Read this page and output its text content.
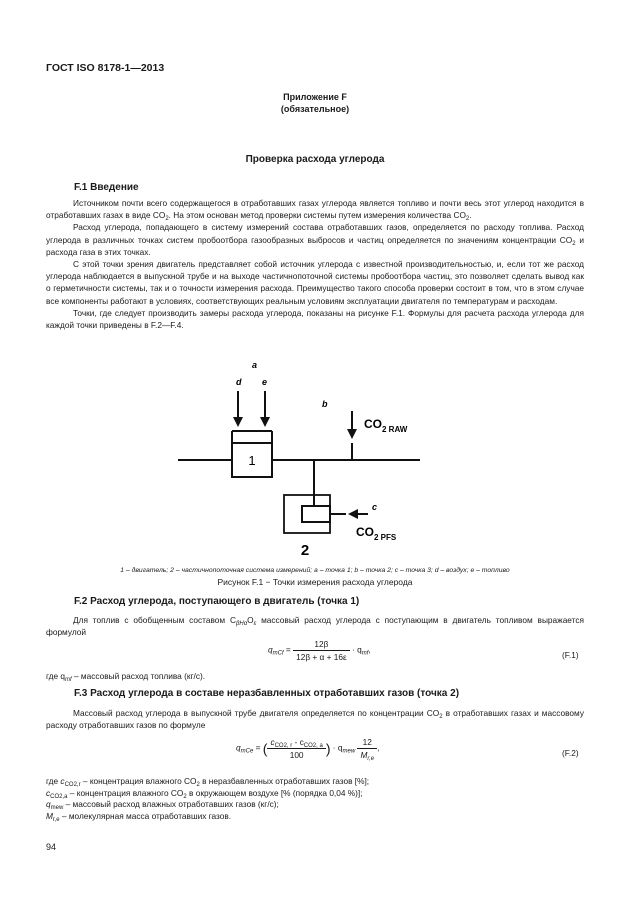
ГОСТ ISO 8178-1—2013
Приложение F
(обязательное)
Проверка расхода углерода
F.1 Введение

Источником почти всего содержащегося в отработавших газах углерода является топливо и почти весь этот углерод находится в отработавших газах в виде $CO_2$. На этом основан метод проверки системы путем измерения количества $CO_2$.

Расход углерода, попадающего в систему измерений состава отработавших газов, определяется по расходу топлива. Расход углерода в различных точках систем пробоотбора газообразных выбросов и частиц определяется по значениям концентрации $CO_2$ и расхода газа в этих точках.

С этой точки зрения двигатель представляет собой источник углерода с известной производительностью, и, если тот же расход углерода наблюдается в выпускной трубе и на выходе частичнопоточной системы пробоотбора частиц, это позволяет сделать вывод как о герметичности системы, так и о точности измерения расхода. Преимущество такого способа проверки состоит в том, что в этом случае все компоненты работают в условиях, соответствующих реальным условиям эксплуатации двигателя по температурам и расходам.

Точки, где следует производить замеры расхода углерода, показаны на рисунке F.1. Формулы для расчета расхода углерода для каждой точки приведены в F.2—F.4.

a
d e
1
b
$CO_{2 RAW}$
c
$CO_{2 PFS}$
2
1 – двигатель; 2 – частичнопоточная система измерений; a – точка 1; b – точка 2; c – точка 3; d – воздух; e – топливо
Рисунок F.1 − Точки измерения расхода углерода
F.2 Расход углерода, поступающего в двигатель (точка 1)

Для топлив с обобщенным составом $C_{\beta H\alpha}O_\varepsilon$ массовый расход углерода с поступающим в двигатель топливом выражается формулой

$q_{mCf} = \frac{12\beta}{12\beta + \alpha + 16\varepsilon} \cdot q_{mf}$,
(F.1)
где $q_{mf}$ – массовый расход топлива (кг/с).
F.3 Расход углерода в составе неразбавленных отработавших газов (точка 2)

Массовый расход углерода в выпускной трубе двигателя определяется по концентрации $CO_2$ в отработавших газах и массовому расходу отработавших газов по формуле

$q_{mCe}$ = ( $\frac{c_{CO2, r} - c_{CO2, a}}{100}$ ) · $q_{mew} \frac{12}{M_{r,e}}$ ,
(F.2)
где $c_{CO2,r}$ – концентрация влажного $CO_2$ в неразбавленных отработавших газов [%];
$c_{CO2,a}$ – концентрация влажного $CO_2$ в окружающем воздухе [% (порядка 0,04 %)];
$q_{mew}$ – массовый расход влажных отработавших газов (кг/с);
$M_{r,e}$ – молекулярная масса отработавших газов.
94
